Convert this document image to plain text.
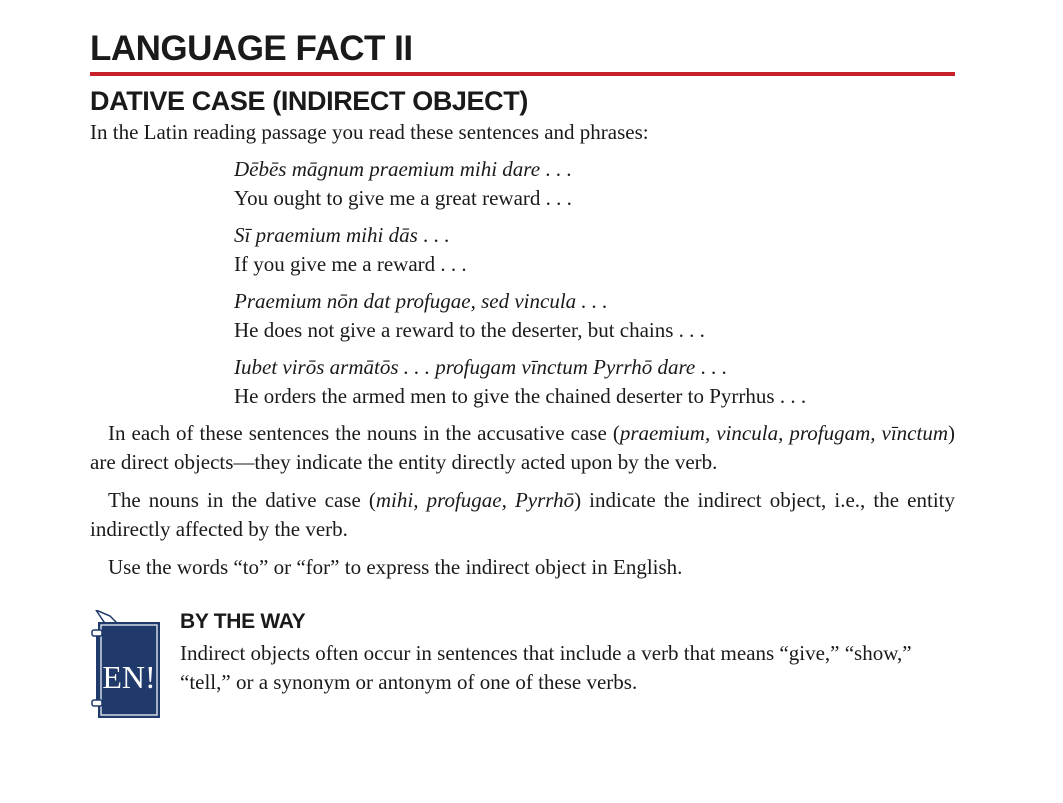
LANGUAGE FACT II
DATIVE CASE (INDIRECT OBJECT)

In the Latin reading passage you read these sentences and phrases:

Dēbēs māgnum praemium mihi dare . . .
You ought to give me a great reward . . .
Sī praemium mihi dās . . .
If you give me a reward . . .
Praemium nōn dat profugae, sed vincula . . .
He does not give a reward to the deserter, but chains . . .
Iubet virōs armātōs . . . profugam vīnctum Pyrrhō dare . . .
He orders the armed men to give the chained deserter to Pyrrhus . . .

In each of these sentences the nouns in the accusative case (praemium, vincula, profugam, vīnctum) are direct objects—they indicate the entity directly acted upon by the verb.

The nouns in the dative case (mihi, profugae, Pyrrhō) indicate the indirect object, i.e., the entity indirectly affected by the verb.

Use the words “to” or “for” to express the indirect object in English.

EN!

BY THE WAY

Indirect objects often occur in sentences that include a verb that means “give,” “show,” “tell,” or a synonym or antonym of one of these verbs.
